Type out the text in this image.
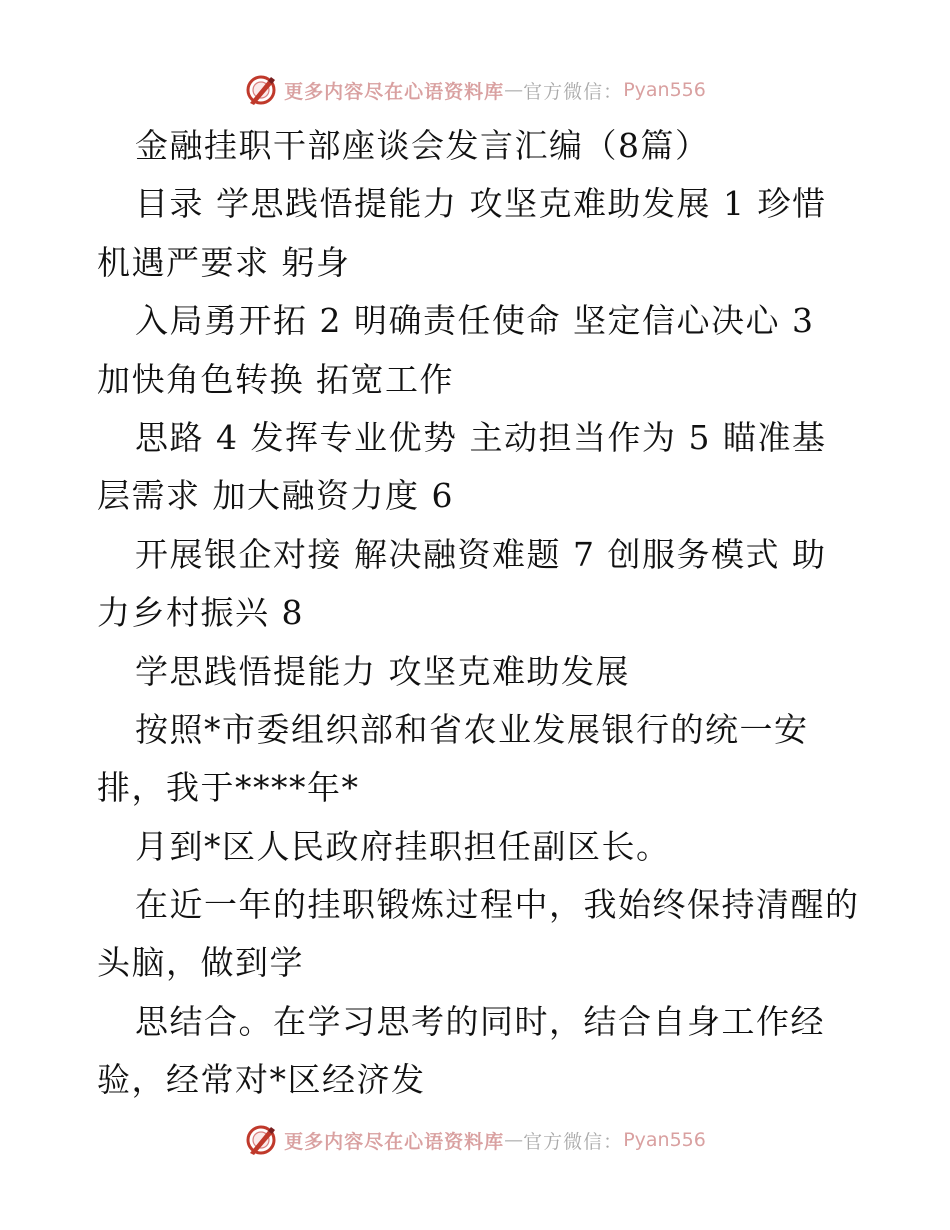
更多内容尽在心语资料库 — 官方微信： Pyan556
金融挂职干部座谈会发言汇编（8篇）
目录 学思践悟提能力 攻坚克难助发展 1 珍惜
机遇严要求 躬身
入局勇开拓 2 明确责任使命 坚定信心决心 3
加快角色转换 拓宽工作
思路 4 发挥专业优势 主动担当作为 5 瞄准基
层需求 加大融资力度 6
开展银企对接 解决融资难题 7 创服务模式 助
力乡村振兴 8
学思践悟提能力 攻坚克难助发展
按照*市委组织部和省农业发展银行的统一安
排，我于****年*
月到*区人民政府挂职担任副区长。
在近一年的挂职锻炼过程中，我始终保持清醒的
头脑，做到学
思结合。在学习思考的同时，结合自身工作经
验，经常对*区经济发
更多内容尽在心语资料库 — 官方微信： Pyan556
